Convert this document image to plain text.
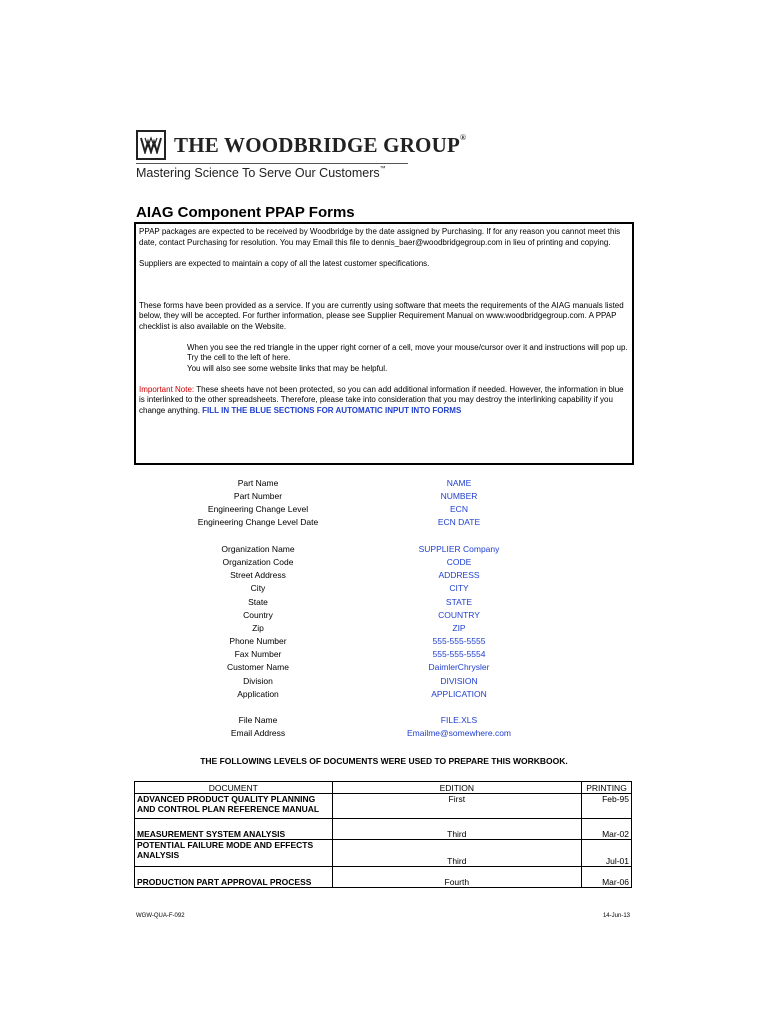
THE WOODBRIDGE GROUP®
Mastering Science To Serve Our Customers™
AIAG Component PPAP Forms

PPAP packages are expected to be received by Woodbridge by the date assigned by Purchasing. If for any reason you cannot meet this date, contact Purchasing for resolution. You may Email this file to dennis_baer@woodbridgegroup.com in lieu of printing and copying.

Suppliers are expected to maintain a copy of all the latest customer specifications.

These forms have been provided as a service. If you are currently using software that meets the requirements of the AIAG manuals listed below, they will be accepted. For further information, please see Supplier Requirement Manual on www.woodbridgegroup.com. A PPAP checklist is also available on the Website.

When you see the red triangle in the upper right corner of a cell, move your mouse/cursor over it and instructions will pop up. Try the cell to the left of here.

You will also see some website links that may be helpful.

Important Note: These sheets have not been protected, so you can add additional information if needed. However, the information in blue is interlinked to the other spreadsheets. Therefore, please take into consideration that you may destroy the interlinking capability if you change anything. FILL IN THE BLUE SECTIONS FOR AUTOMATIC INPUT INTO FORMS

Part Name	NAME
Part Number	NUMBER
Engineering Change Level	ECN
Engineering Change Level Date	ECN DATE
Organization Name	SUPPLIER Company
Organization Code	CODE
Street Address	ADDRESS
City	CITY
State	STATE
Country	COUNTRY
Zip	ZIP
Phone Number	555-555-5555
Fax Number	555-555-5554
Customer Name	DaimlerChrysler
Division	DIVISION
Application	APPLICATION
File Name	FILE.XLS
Email Address	Emailme@somewhere.com
THE FOLLOWING LEVELS OF DOCUMENTS WERE USED TO PREPARE THIS WORKBOOK.
DOCUMENT	EDITION	PRINTING
ADVANCED PRODUCT QUALITY PLANNING AND CONTROL PLAN REFERENCE MANUAL	First	Feb-95
MEASUREMENT SYSTEM ANALYSIS	Third	Mar-02
POTENTIAL FAILURE MODE AND EFFECTS ANALYSIS	Third	Jul-01
PRODUCTION PART APPROVAL PROCESS	Fourth	Mar-06
WGW-QUA-F-092	14-Jun-13
